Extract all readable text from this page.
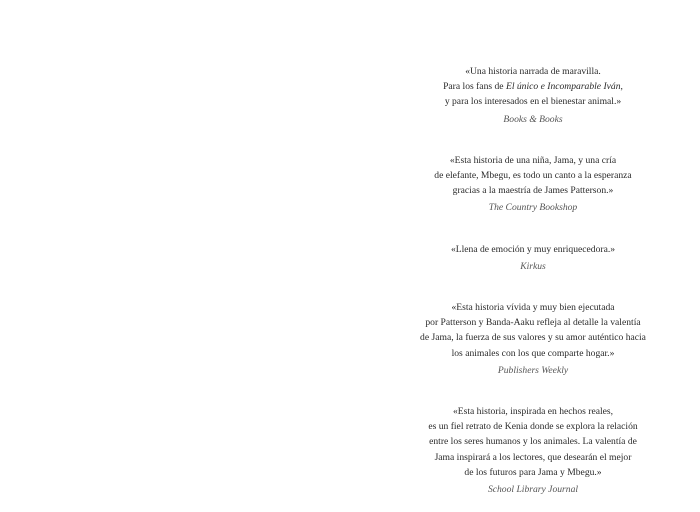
«Una historia narrada de maravilla.
Para los fans de El único e Incomparable Iván,
y para los interesados en el bienestar animal.»
Books & Books
«Esta historia de una niña, Jama, y una cría
de elefante, Mbegu, es todo un canto a la esperanza
gracias a la maestría de James Patterson.»
The Country Bookshop
«Llena de emoción y muy enriquecedora.»
Kirkus
«Esta historia vívida y muy bien ejecutada
por Patterson y Banda-Aaku refleja al detalle la valentía
de Jama, la fuerza de sus valores y su amor auténtico hacia
los animales con los que comparte hogar.»
Publishers Weekly
«Esta historia, inspirada en hechos reales,
es un fiel retrato de Kenia donde se explora la relación
entre los seres humanos y los animales. La valentía de
Jama inspirará a los lectores, que desearán el mejor
de los futuros para Jama y Mbegu.»
School Library Journal
